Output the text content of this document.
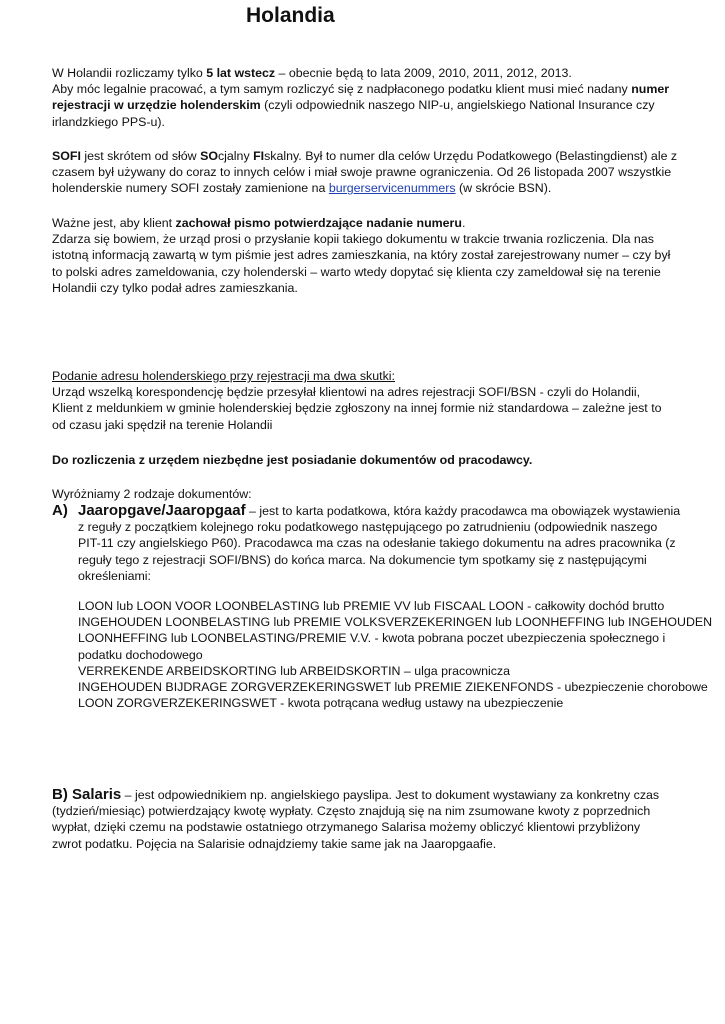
Holandia
W Holandii rozliczamy tylko 5 lat wstecz – obecnie będą to lata 2009, 2010, 2011, 2012, 2013.
Aby móc legalnie pracować, a tym samym rozliczyć się z nadpłaconego podatku klient musi mieć nadany numer
rejestracji w urzędzie holenderskim (czyli odpowiednik naszego NIP-u, angielskiego National Insurance czy
irlandzkiego PPS-u).
SOFI jest skrótem od słów SOcjalny FIskalny. Był to numer dla celów Urzędu Podatkowego (Belastingdienst) ale z
czasem był używany do coraz to innych celów i miał swoje prawne ograniczenia. Od 26 listopada 2007 wszystkie
holenderskie numery SOFI zostały zamienione na burgerservicenummers (w skrócie BSN).
Ważne jest, aby klient zachował pismo potwierdzające nadanie numeru.
Zdarza się bowiem, że urząd prosi o przysłanie kopii takiego dokumentu w trakcie trwania rozliczenia. Dla nas
istotną informacją zawartą w tym piśmie jest adres zamieszkania, na który został zarejestrowany numer – czy był
to polski adres zameldowania, czy holenderski – warto wtedy dopytać się klienta czy zameldował się na terenie
Holandii czy tylko podał adres zamieszkania.
Podanie adresu holenderskiego przy rejestracji ma dwa skutki:
Urząd wszelką korespondencję będzie przesyłał klientowi na adres rejestracji SOFI/BSN - czyli do Holandii,
Klient z meldunkiem w gminie holenderskiej będzie zgłoszony na innej formie niż standardowa – zależne jest to
od czasu jaki spędził na terenie Holandii
Do rozliczenia z urzędem niezbędne jest posiadanie dokumentów od pracodawcy.
Wyróżniamy 2 rodzaje dokumentów:
A) Jaaropgave/Jaaropgaaf – jest to karta podatkowa, która każdy pracodawca ma obowiązek wystawienia
z reguły z początkiem kolejnego roku podatkowego następującego po zatrudnieniu (odpowiednik naszego
PIT-11 czy angielskiego P60). Pracodawca ma czas na odesłanie takiego dokumentu na adres pracownika (z
reguły tego z rejestracji SOFI/BNS) do końca marca. Na dokumencie tym spotkamy się z następującymi
określeniami:
LOON lub LOON VOOR LOONBELASTING lub PREMIE VV lub FISCAAL LOON - całkowity dochód brutto
INGEHOUDEN LOONBELASTING lub PREMIE VOLKSVERZEKERINGEN lub LOONHEFFING lub INGEHOUDEN
LOONHEFFING lub LOONBELASTING/PREMIE V.V. - kwota pobrana poczet ubezpieczenia społecznego i
podatku dochodowego
VERREKENDE ARBEIDSKORTING lub ARBEIDSKORTIN – ulga pracownicza
INGEHOUDEN BIJDRAGE ZORGVERZEKERINGSWET lub PREMIE ZIEKENFONDS - ubezpieczenie chorobowe
LOON ZORGVERZEKERINGSWET - kwota potrącana według ustawy na ubezpieczenie
B) Salaris – jest odpowiednikiem np. angielskiego payslipa. Jest to dokument wystawiany za konkretny czas
(tydzień/miesiąc) potwierdzający kwotę wypłaty. Często znajdują się na nim zsumowane kwoty z poprzednich
wypłat, dzięki czemu na podstawie ostatniego otrzymanego Salarisa możemy obliczyć klientowi przybliżony
zwrot podatku. Pojęcia na Salarisie odnajdziemy takie same jak na Jaaropgaafie.
